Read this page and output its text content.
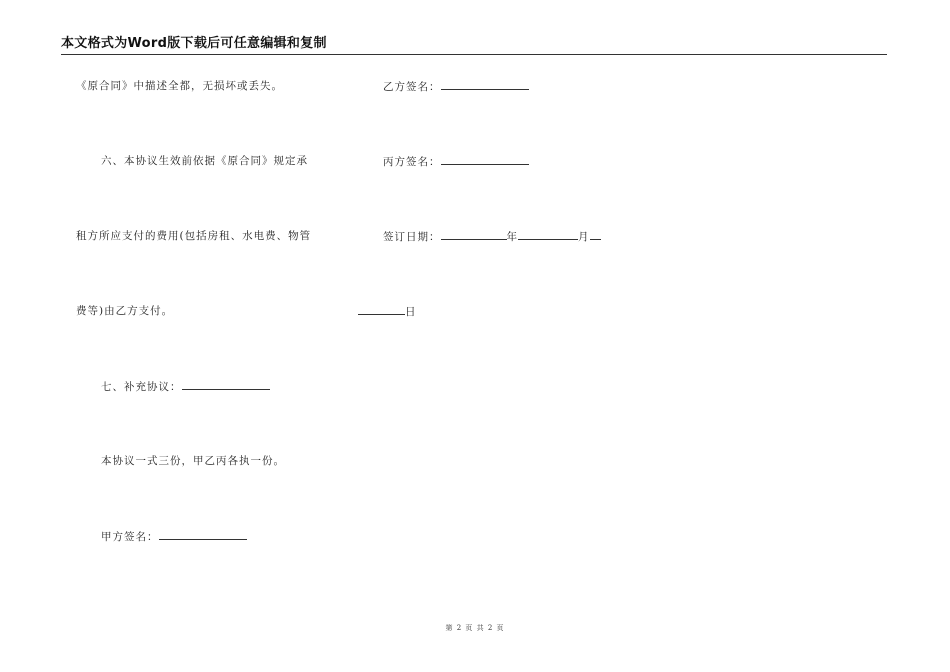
本文格式为Word版下载后可任意编辑和复制
《原合同》中描述全都，无损坏或丢失。
六、本协议生效前依据《原合同》规定承
租方所应支付的费用(包括房租、水电费、物管
费等)由乙方支付。
七、补充协议：
本协议一式三份，甲乙丙各执一份。
甲方签名：
乙方签名：
丙方签名：
签订日期：	年	月
日
第 2 页 共 2 页
